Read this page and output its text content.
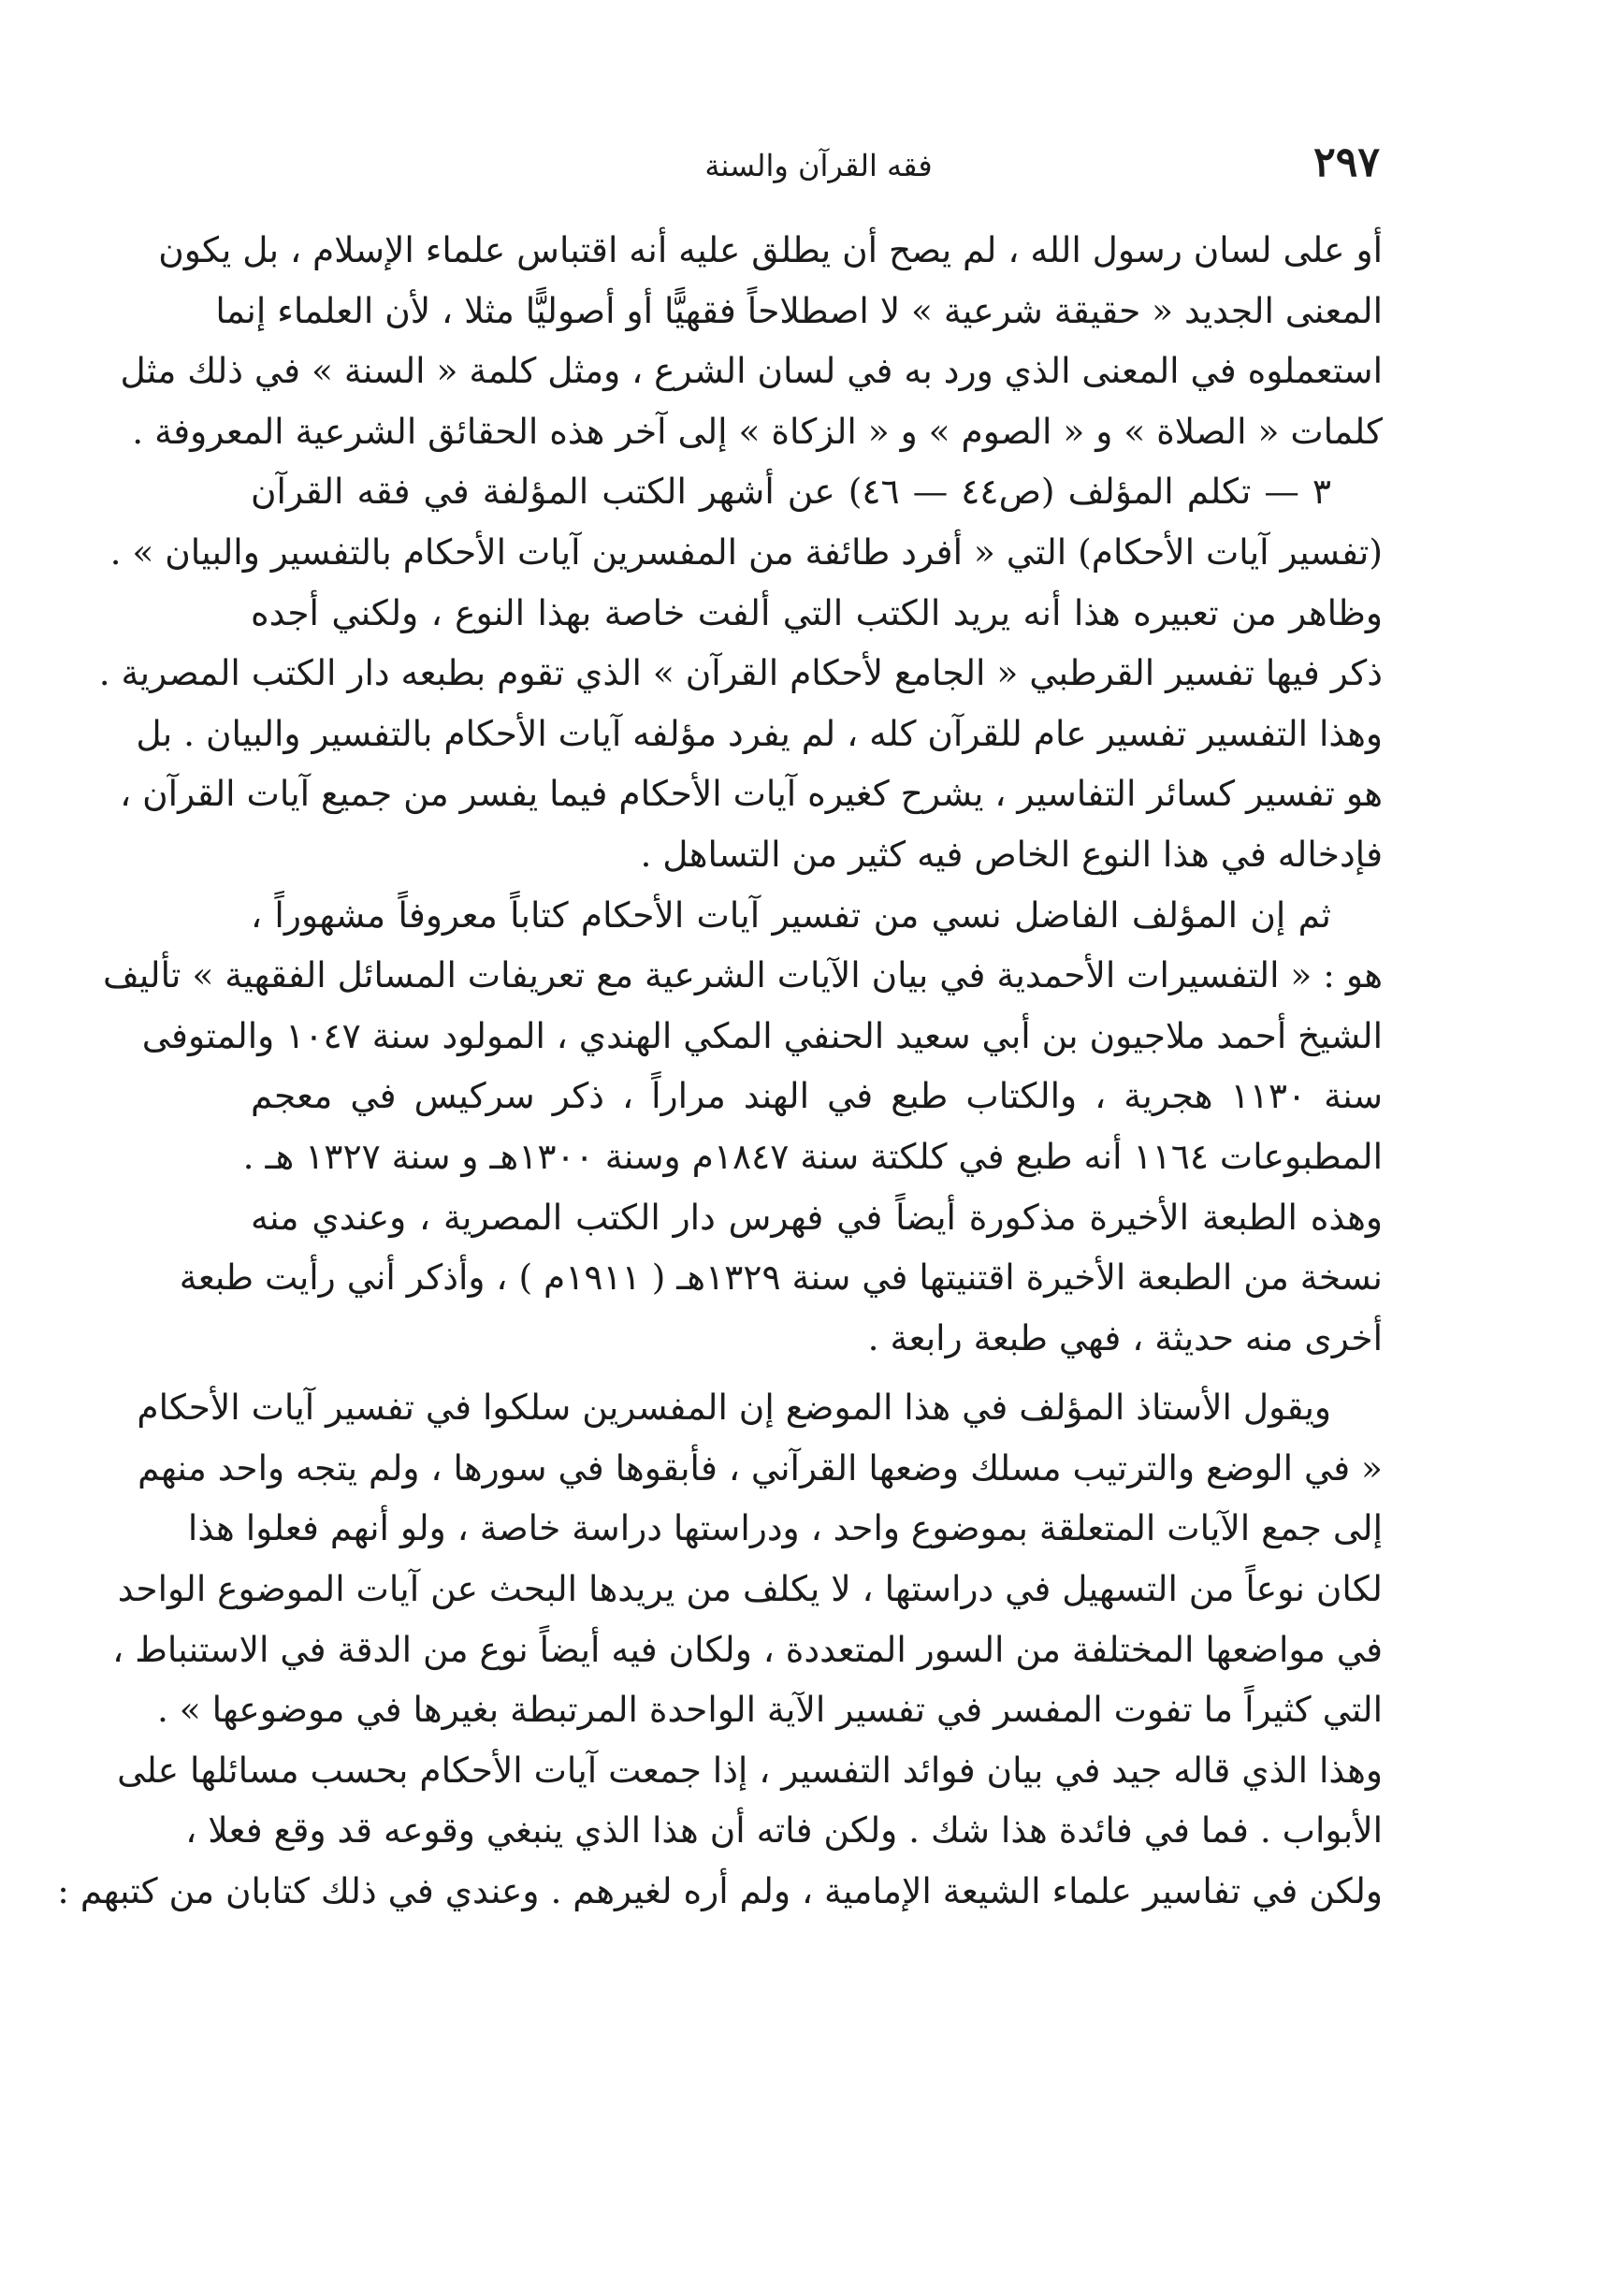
٢٩٧
فقه القرآن والسنة
أو على لسان رسول الله ، لم يصح أن يطلق عليه أنه اقتباس علماء الإسلام ، بل يكون
المعنى الجديد « حقيقة شرعية » لا اصطلاحاً فقهيًّا أو أصوليًّا مثلا ، لأن العلماء إنما
استعملوه في المعنى الذي ورد به في لسان الشرع ، ومثل كلمة « السنة » في ذلك مثل
كلمات « الصلاة » و « الصوم » و « الزكاة » إلى آخر هذه الحقائق الشرعية المعروفة .
٣ — تكلم المؤلف (ص٤٤ — ٤٦) عن أشهر الكتب المؤلفة في فقه القرآن
(تفسير آيات الأحكام) التي « أفرد طائفة من المفسرين آيات الأحكام بالتفسير والبيان » .
وظاهر من تعبيره هذا أنه يريد الكتب التي ألفت خاصة بهذا النوع ، ولكني أجده
ذكر فيها تفسير القرطبي « الجامع لأحكام القرآن » الذي تقوم بطبعه دار الكتب المصرية .
وهذا التفسير تفسير عام للقرآن كله ، لم يفرد مؤلفه آيات الأحكام بالتفسير والبيان . بل
هو تفسير كسائر التفاسير ، يشرح كغيره آيات الأحكام فيما يفسر من جميع آيات القرآن ،
فإدخاله في هذا النوع الخاص فيه كثير من التساهل .
ثم إن المؤلف الفاضل نسي من تفسير آيات الأحكام كتاباً معروفاً مشهوراً ،
هو : « التفسيرات الأحمدية في بيان الآيات الشرعية مع تعريفات المسائل الفقهية » تأليف
الشيخ أحمد ملاجيون بن أبي سعيد الحنفي المكي الهندي ، المولود سنة ١٠٤٧ والمتوفى
سنة ١١٣٠ هجرية ، والكتاب طبع في الهند مراراً ، ذكر سركيس في معجم
المطبوعات ١١٦٤ أنه طبع في كلكتة سنة ١٨٤٧م وسنة ١٣٠٠هـ و سنة ١٣٢٧ هـ .
وهذه الطبعة الأخيرة مذكورة أيضاً في فهرس دار الكتب المصرية ، وعندي منه
نسخة من الطبعة الأخيرة اقتنيتها في سنة ١٣٢٩هـ ( ١٩١١م ) ، وأذكر أني رأيت طبعة
أخرى منه حديثة ، فهي طبعة رابعة .
ويقول الأستاذ المؤلف في هذا الموضع إن المفسرين سلكوا في تفسير آيات الأحكام
« في الوضع والترتيب مسلك وضعها القرآني ، فأبقوها في سورها ، ولم يتجه واحد منهم
إلى جمع الآيات المتعلقة بموضوع واحد ، ودراستها دراسة خاصة ، ولو أنهم فعلوا هذا
لكان نوعاً من التسهيل في دراستها ، لا يكلف من يريدها البحث عن آيات الموضوع الواحد
في مواضعها المختلفة من السور المتعددة ، ولكان فيه أيضاً نوع من الدقة في الاستنباط ،
التي كثيراً ما تفوت المفسر في تفسير الآية الواحدة المرتبطة بغيرها في موضوعها » .
وهذا الذي قاله جيد في بيان فوائد التفسير ، إذا جمعت آيات الأحكام بحسب مسائلها على
الأبواب . فما في فائدة هذا شك . ولكن فاته أن هذا الذي ينبغي وقوعه قد وقع فعلا ،
ولكن في تفاسير علماء الشيعة الإمامية ، ولم أره لغيرهم . وعندي في ذلك كتابان من كتبهم :
